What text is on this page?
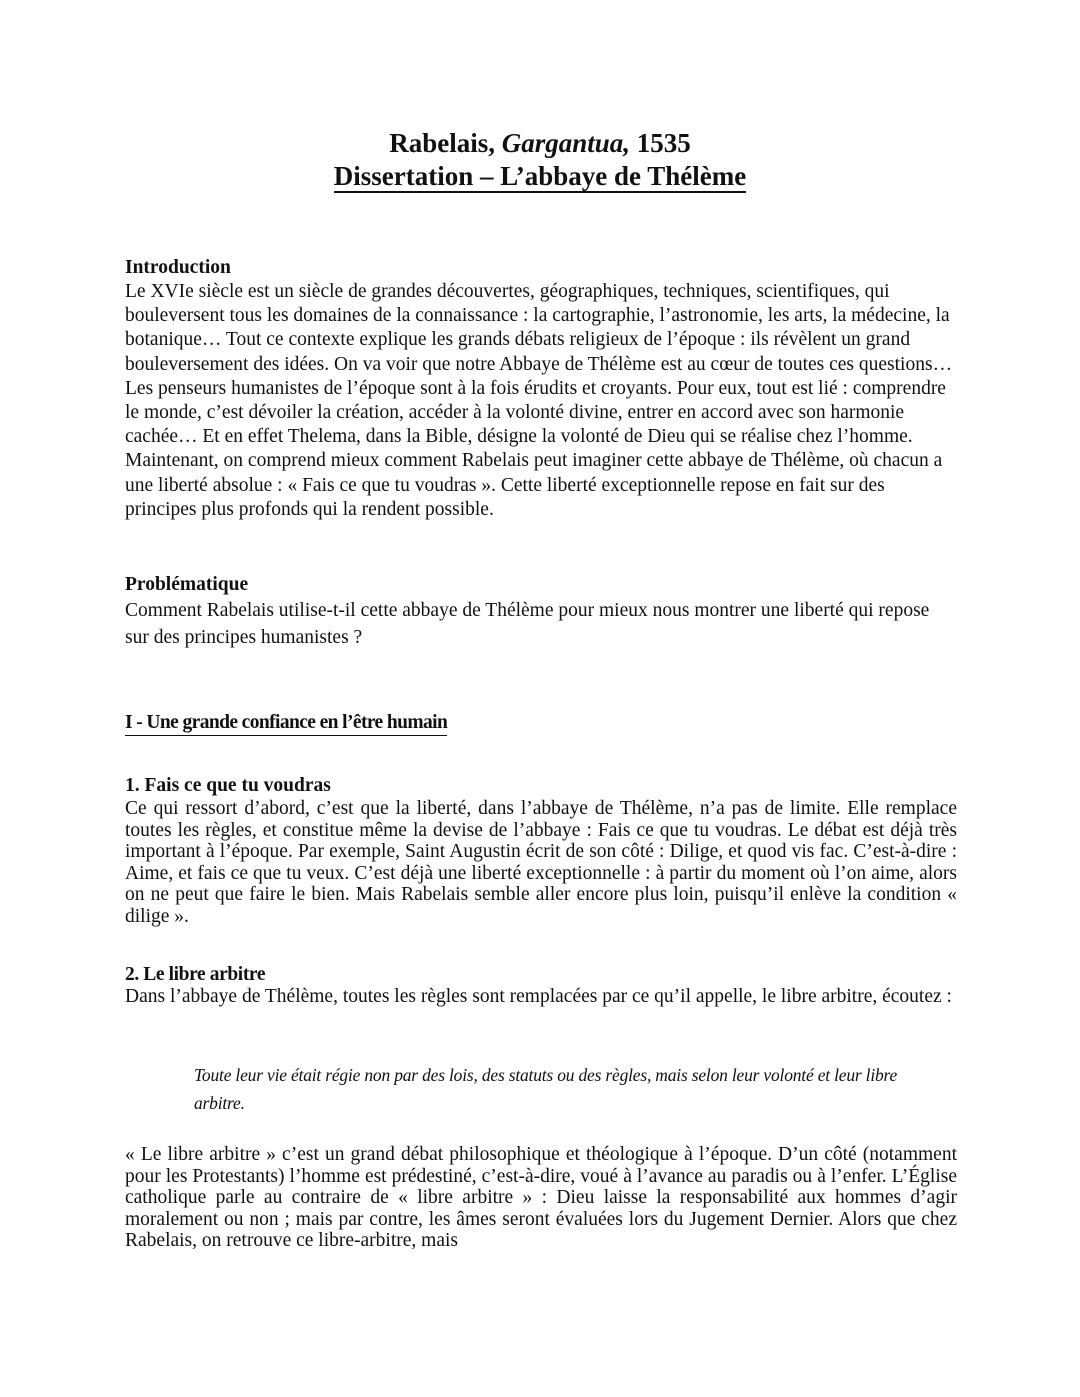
Rabelais, Gargantua, 1535
Dissertation – L’abbaye de Thélème
Introduction

Le XVIe siècle est un siècle de grandes découvertes, géographiques, techniques, scientifiques, qui bouleversent tous les domaines de la connaissance : la cartographie, l’astronomie, les arts, la médecine, la botanique… Tout ce contexte explique les grands débats religieux de l’époque : ils révèlent un grand bouleversement des idées. On va voir que notre Abbaye de Thélème est au cœur de toutes ces questions… Les penseurs humanistes de l’époque sont à la fois érudits et croyants. Pour eux, tout est lié : comprendre le monde, c’est dévoiler la création, accéder à la volonté divine, entrer en accord avec son harmonie cachée… Et en effet Thelema, dans la Bible, désigne la volonté de Dieu qui se réalise chez l’homme. Maintenant, on comprend mieux comment Rabelais peut imaginer cette abbaye de Thélème, où chacun a une liberté absolue : « Fais ce que tu voudras ». Cette liberté exceptionnelle repose en fait sur des principes plus profonds qui la rendent possible.

Problématique

Comment Rabelais utilise-t-il cette abbaye de Thélème pour mieux nous montrer une liberté qui repose sur des principes humanistes ?

I - Une grande confiance en l’être humain
1. Fais ce que tu voudras

Ce qui ressort d’abord, c’est que la liberté, dans l’abbaye de Thélème, n’a pas de limite. Elle remplace toutes les règles, et constitue même la devise de l’abbaye : Fais ce que tu voudras. Le débat est déjà très important à l’époque. Par exemple, Saint Augustin écrit de son côté : Dilige, et quod vis fac. C’est-à-dire : Aime, et fais ce que tu veux. C’est déjà une liberté exceptionnelle : à partir du moment où l’on aime, alors on ne peut que faire le bien. Mais Rabelais semble aller encore plus loin, puisqu’il enlève la condition « dilige ».

2. Le libre arbitre

Dans l’abbaye de Thélème, toutes les règles sont remplacées par ce qu’il appelle, le libre arbitre, écoutez :

Toute leur vie était régie non par des lois, des statuts ou des règles, mais selon leur volonté et leur libre arbitre.

« Le libre arbitre » c’est un grand débat philosophique et théologique à l’époque. D’un côté (notamment pour les Protestants) l’homme est prédestiné, c’est-à-dire, voué à l’avance au paradis ou à l’enfer. L’Église catholique parle au contraire de « libre arbitre » : Dieu laisse la responsabilité aux hommes d’agir moralement ou non ; mais par contre, les âmes seront évaluées lors du Jugement Dernier. Alors que chez Rabelais, on retrouve ce libre-arbitre, mais
